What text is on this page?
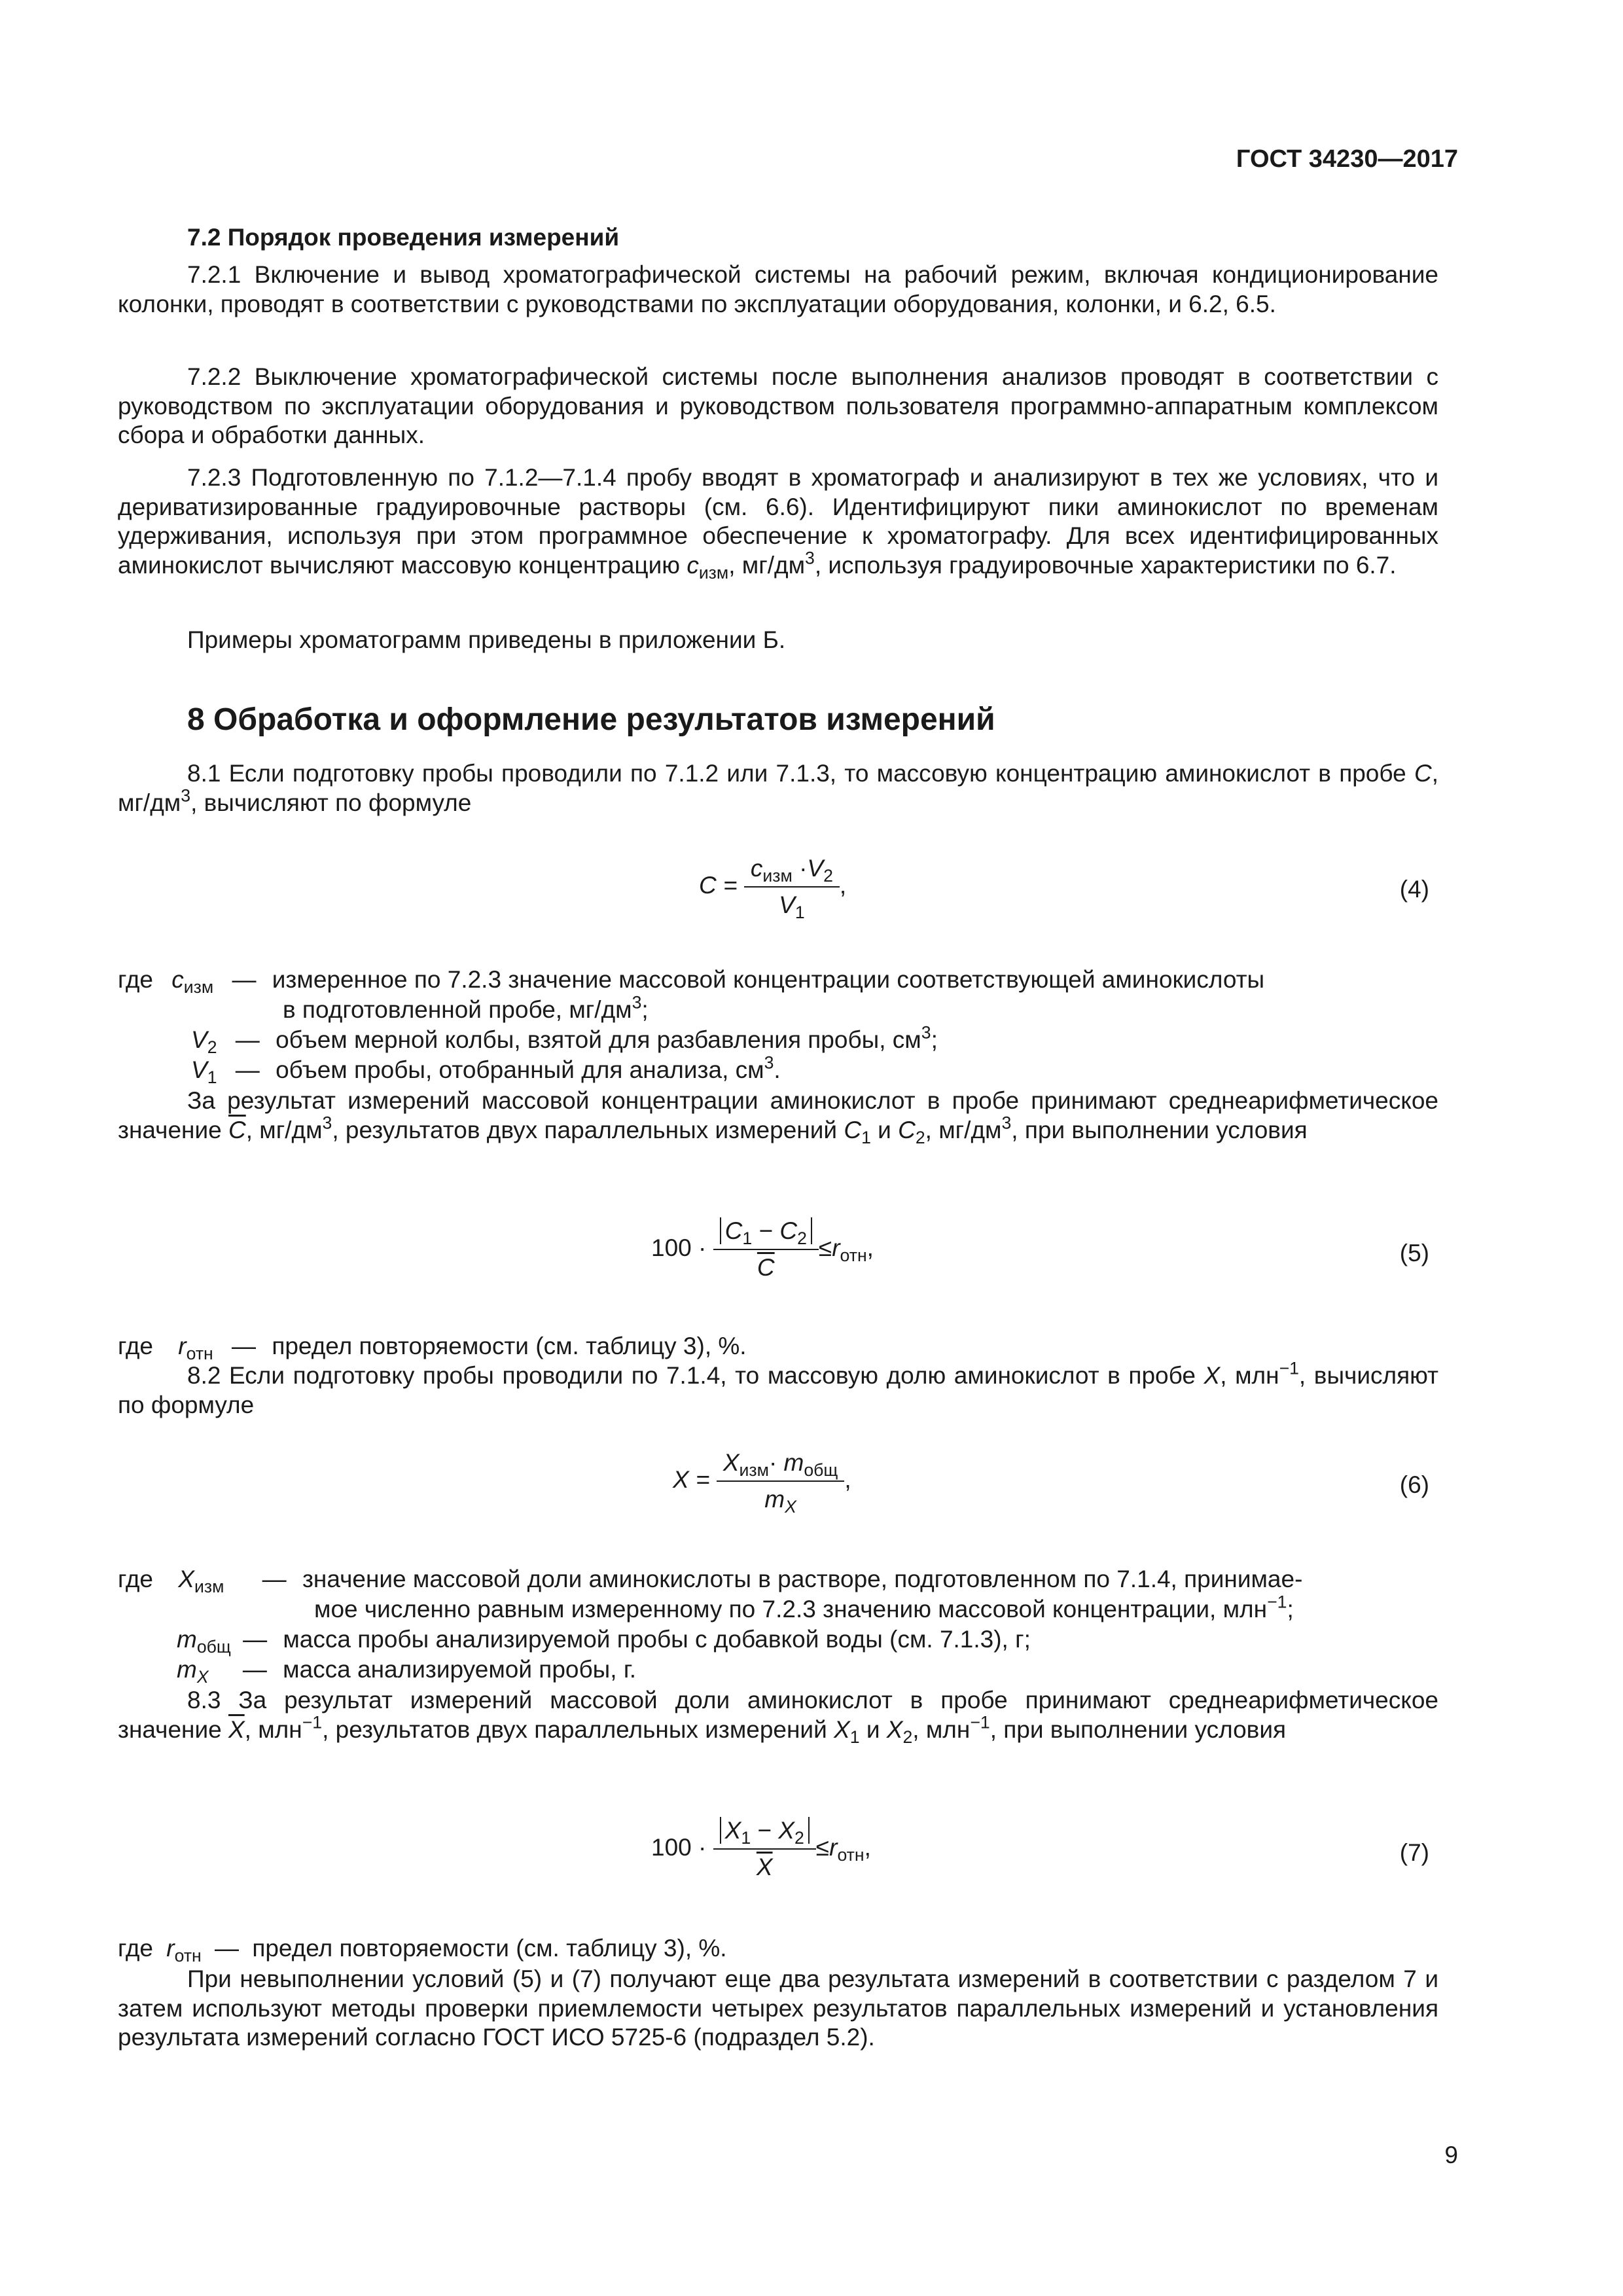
ГОСТ 34230—2017
7.2 Порядок проведения измерений

7.2.1 Включение и вывод хроматографической системы на рабочий режим, включая кондиционирование колонки, проводят в соответствии с руководствами по эксплуатации оборудования, колонки, и 6.2, 6.5.

7.2.2 Выключение хроматографической системы после выполнения анализов проводят в соответствии с руководством по эксплуатации оборудования и руководством пользователя программно-аппаратным комплексом сбора и обработки данных.

7.2.3 Подготовленную по 7.1.2—7.1.4 пробу вводят в хроматограф и анализируют в тех же условиях, что и дериватизированные градуировочные растворы (см. 6.6). Идентифицируют пики аминокислот по временам удерживания, используя при этом программное обеспечение к хроматографу. Для всех идентифицированных аминокислот вычисляют массовую концентрацию $c_{изм}$, $мг/дм^3$, используя градуировочные характеристики по 6.7.

Примеры хроматограмм приведены в приложении Б.

8 Обработка и оформление результатов измерений

8.1 Если подготовку пробы проводили по 7.1.2 или 7.1.3, то массовую концентрацию аминокислот в пробе C, $мг/дм^3$, вычисляют по формуле

$C = \frac{c_{изм} \cdot V_2}{V_1}$ ,	(4)
где $c_{изм}$ — измеренное по 7.2.3 значение массовой концентрации соответствующей аминокислоты
в подготовленной пробе, $мг/дм^3$;
$V_2$ — объем мерной колбы, взятой для разбавления пробы, $см^3$;
$V_1$ — объем пробы, отобранный для анализа, $см^3$.

За результат измерений массовой концентрации аминокислот в пробе принимают среднеарифметическое значение $\overline{C}$, $мг/дм^3$, результатов двух параллельных измерений $C_1$ и $C_2$, $мг/дм^3$, при выполнении условия

$100 \cdot \frac{C_1 - C_2}{C} \le r_{отн}$,	(5)
где $r_{отн}$ — предел повторяемости (см. таблицу 3), %.

8.2 Если подготовку пробы проводили по 7.1.4, то массовую долю аминокислот в пробе X, млн$^{-1}$, вычисляют по формуле

$X = \frac{X_{изм}\cdot m_{общ}}{m_X}$ ,	(6)
где $X_{изм}$ — значение массовой доли аминокислоты в растворе, подготовленном по 7.1.4, принимае-
мое численно равным измеренному по 7.2.3 значению массовой концентрации, млн$^{-1}$;
$m_{общ}$ — масса пробы анализируемой пробы с добавкой воды (см. 7.1.3), г;
$m_X$ — масса анализируемой пробы, г.

8.3 За результат измерений массовой доли аминокислот в пробе принимают среднеарифметическое значение $\overline{X}$, млн$^{-1}$, результатов двух параллельных измерений $X_1$ и $X_2$, млн$^{-1}$, при выполнении условия

$100 \cdot \frac{X_1 - X_2}{X} \le r_{отн}$,	(7)
где $r_{отн}$ — предел повторяемости (см. таблицу 3), %.

При невыполнении условий (5) и (7) получают еще два результата измерений в соответствии с разделом 7 и затем используют методы проверки приемлемости четырех результатов параллельных измерений и установления результата измерений согласно ГОСТ ИСО 5725-6 (подраздел 5.2).

9
